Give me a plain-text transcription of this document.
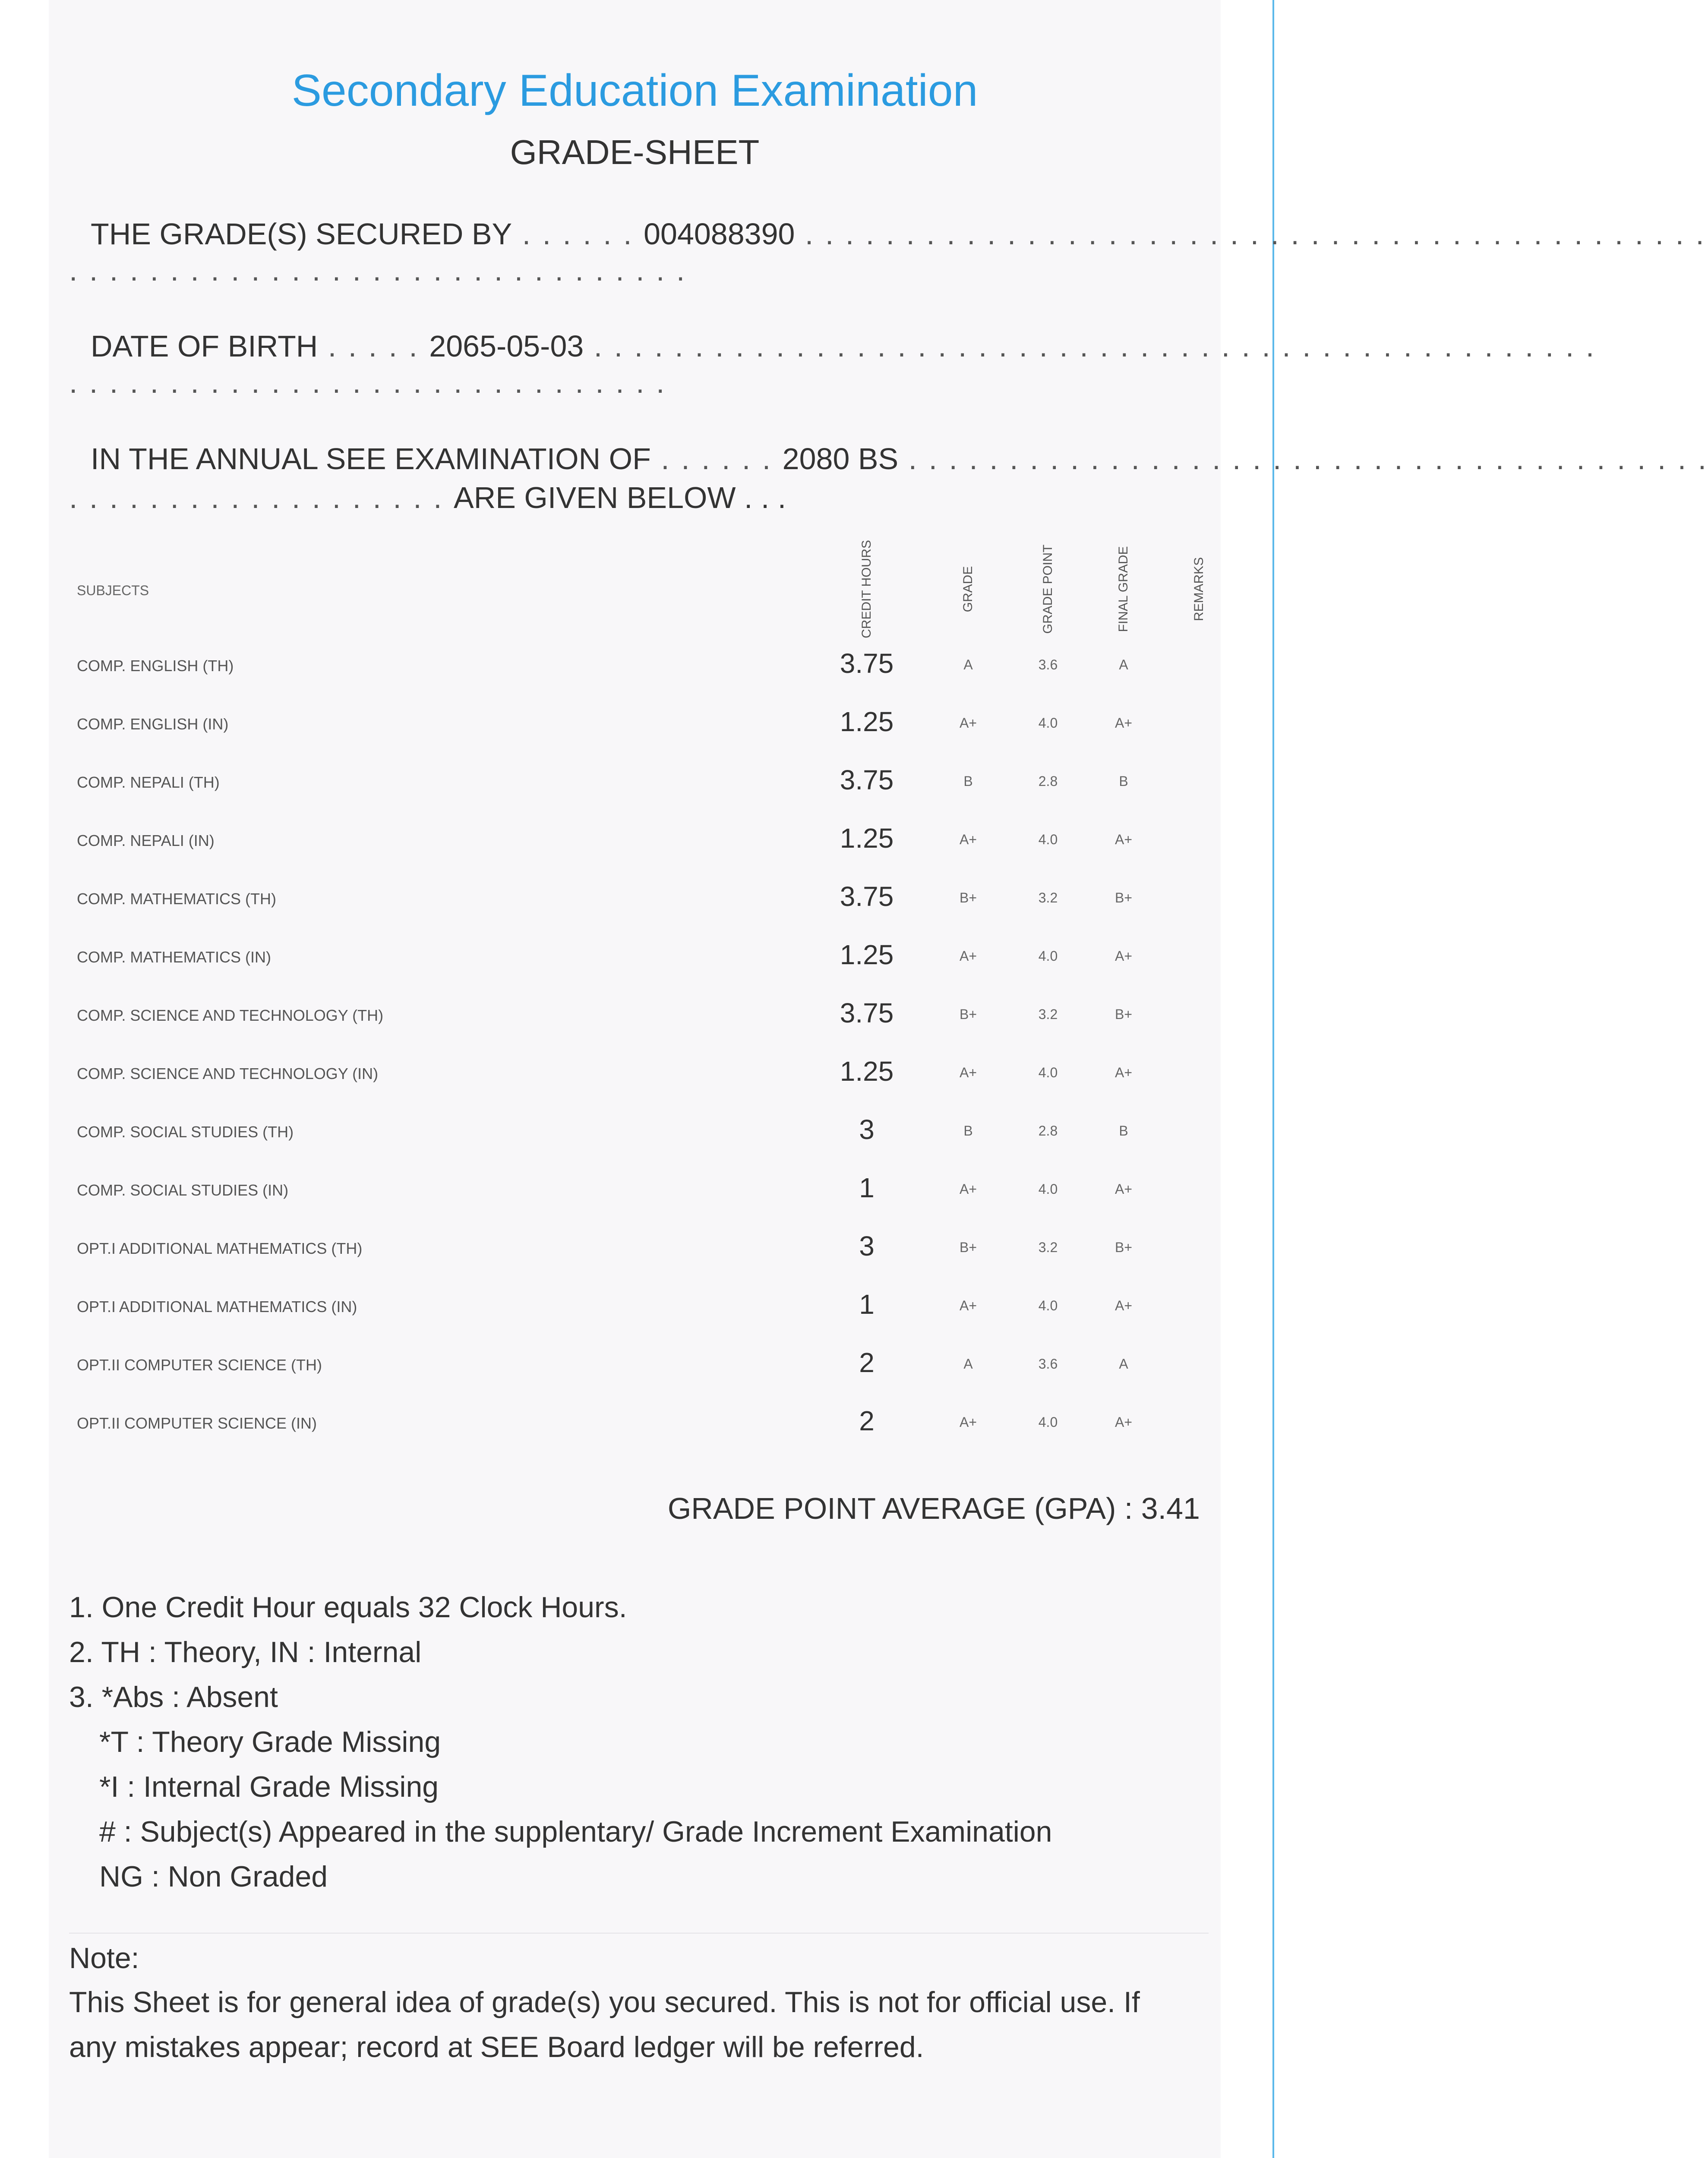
Secondary Education Examination
GRADE-SHEET
THE GRADE(S) SECURED BY . . . . . . 004088390 . . . . . . . . . . . . . . . . . . . . . . . . . . . . . . . . . . . . . . . . . . . . .
. . . . . . . . . . . . . . . . . . . . . . . . . . . . . . .
DATE OF BIRTH . . . . . 2065-05-03 . . . . . . . . . . . . . . . . . . . . . . . . . . . . . . . . . . . . . . . . . . . . . . . . . .
. . . . . . . . . . . . . . . . . . . . . . . . . . . . . .
IN THE ANNUAL SEE EXAMINATION OF . . . . . . 2080 BS . . . . . . . . . . . . . . . . . . . . . . . . . . . . . . . . . . . . . . . .
. . . . . . . . . . . . . . . . . . . ARE GIVEN BELOW . . .
SUBJECTS	CREDIT HOURS	GRADE	GRADE POINT	FINAL GRADE	REMARKS
COMP. ENGLISH (TH)	3.75	A	3.6	A
COMP. ENGLISH (IN)	1.25	A+	4.0	A+
COMP. NEPALI (TH)	3.75	B	2.8	B
COMP. NEPALI (IN)	1.25	A+	4.0	A+
COMP. MATHEMATICS (TH)	3.75	B+	3.2	B+
COMP. MATHEMATICS (IN)	1.25	A+	4.0	A+
COMP. SCIENCE AND TECHNOLOGY (TH)	3.75	B+	3.2	B+
COMP. SCIENCE AND TECHNOLOGY (IN)	1.25	A+	4.0	A+
COMP. SOCIAL STUDIES (TH)	3	B	2.8	B
COMP. SOCIAL STUDIES (IN)	1	A+	4.0	A+
OPT.I ADDITIONAL MATHEMATICS (TH)	3	B+	3.2	B+
OPT.I ADDITIONAL MATHEMATICS (IN)	1	A+	4.0	A+
OPT.II COMPUTER SCIENCE (TH)	2	A	3.6	A
OPT.II COMPUTER SCIENCE (IN)	2	A+	4.0	A+
GRADE POINT AVERAGE (GPA) : 3.41
1. One Credit Hour equals 32 Clock Hours.
2. TH : Theory, IN : Internal
3. *Abs : Absent
*T : Theory Grade Missing
*I : Internal Grade Missing
# : Subject(s) Appeared in the supplentary/ Grade Increment Examination
NG : Non Graded
Note:
This Sheet is for general idea of grade(s) you secured. This is not for official use. If any mistakes appear; record at SEE Board ledger will be referred.
